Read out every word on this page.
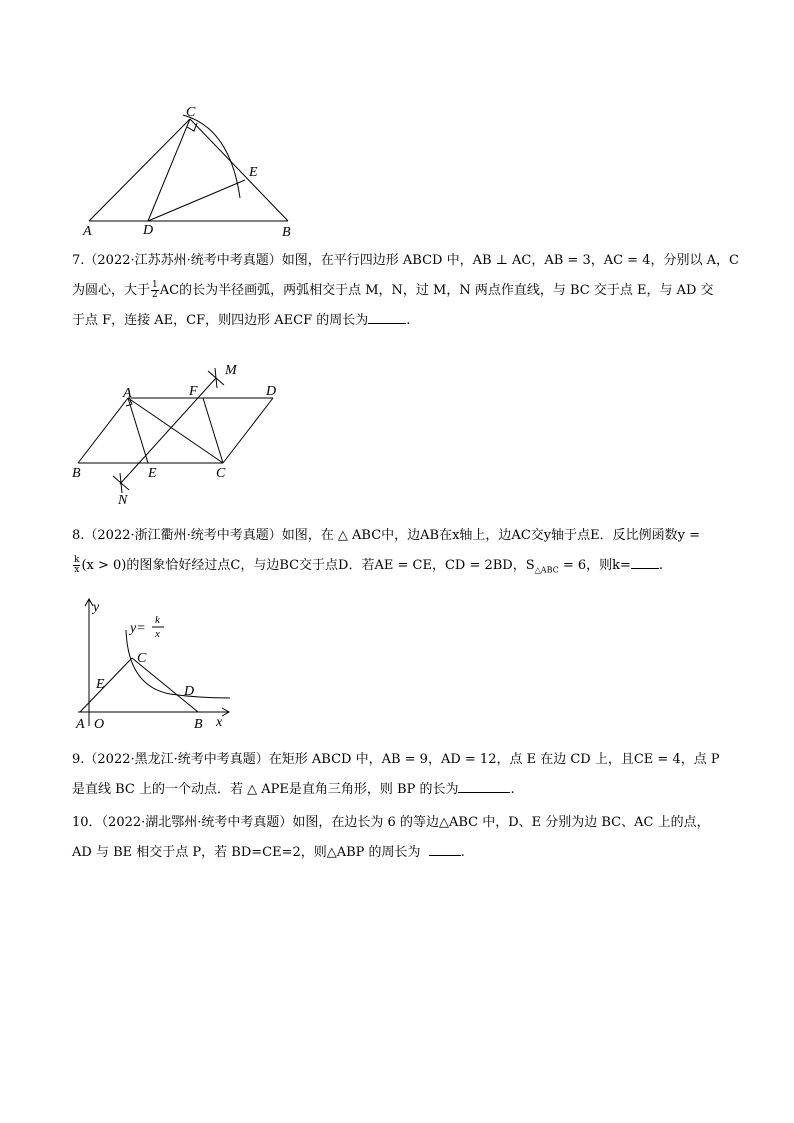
C
E
A	D	B

7.（2022·江苏苏州·统考中考真题）如图，在平行四边形 ABCD 中，AB ⊥ AC，AB = 3，AC = 4，分别以 A，C

为圆心，大于 $\frac{1}{2}$ AC的长为半径画弧，两弧相交于点 M，N，过 M，N 两点作直线，与 BC 交于点 E，与 AD 交

于点 F，连接 AE，CF，则四边形 AECF 的周长为	.

A	F	D
M
B	E	C
N

8.（2022·浙江衢州·统考中考真题）如图，在 △ ABC中，边AB在x轴上，边AC交y轴于点E．反比例函数y =

$\frac{k}{x} (x > 0)$的图象恰好经过点C，与边BC交于点D．若AE = CE，CD = 2BD，$S_{\triangle ABC} = 6$，则k= .

y
x
y=
k
x
C
E	D
A O	B

9.（2022·黑龙江·统考中考真题）在矩形 ABCD 中，AB = 9，AD = 12，点 E 在边 CD 上，且CE = 4，点 P

是直线 BC 上的一个动点．若 △ APE是直角三角形，则 BP 的长为	.

10．（2022·湖北鄂州·统考中考真题）如图，在边长为 6 的等边△ABC 中，D、E 分别为边 BC、AC 上的点，

AD 与 BE 相交于点 P，若 BD=CE=2，则△ABP 的周长为	.
